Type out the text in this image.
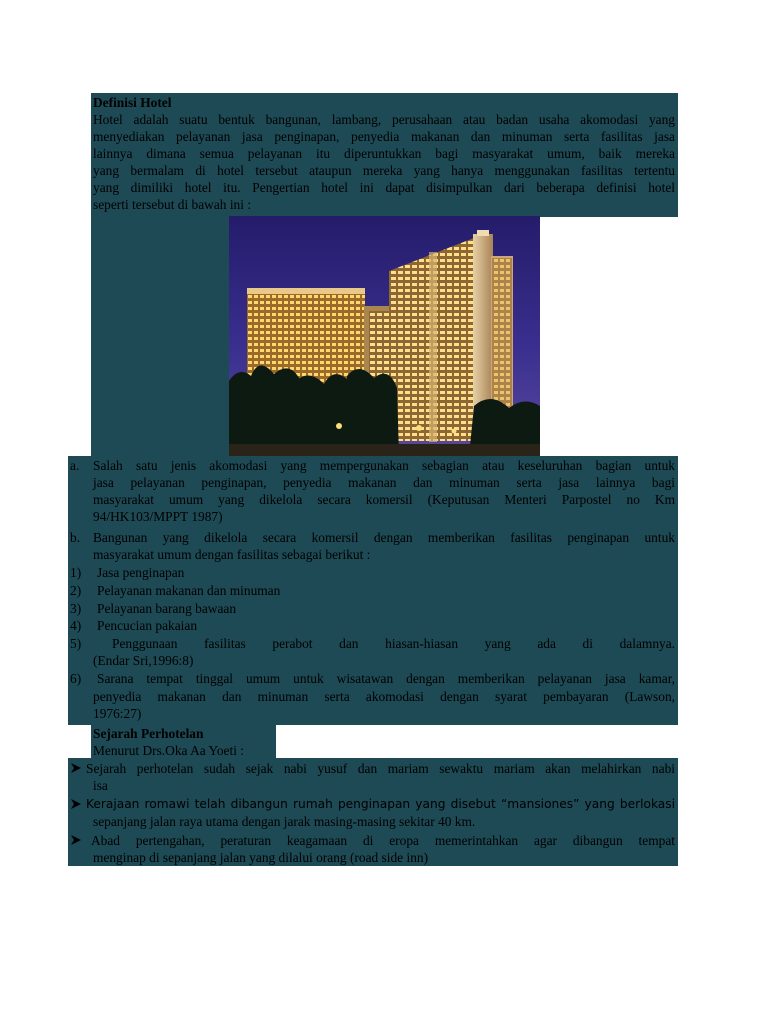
Definisi Hotel
Hotel adalah suatu bentuk bangunan, lambang, perusahaan atau badan usaha akomodasi yang
menyediakan pelayanan jasa penginapan, penyedia makanan dan minuman serta fasilitas jasa
lainnya dimana semua pelayanan itu diperuntukkan bagi masyarakat umum, baik mereka
yang bermalam di hotel tersebut ataupun mereka yang hanya menggunakan fasilitas tertentu
yang dimiliki hotel itu. Pengertian hotel ini dapat disimpulkan dari beberapa definisi hotel
seperti tersebut di bawah ini :
a. Salah satu jenis akomodasi yang mempergunakan sebagian atau keseluruhan bagian untuk
jasa pelayanan penginapan, penyedia makanan dan minuman serta jasa lainnya bagi
masyarakat umum yang dikelola secara komersil (Keputusan Menteri Parpostel no Km
94/HK103/MPPT 1987)
b. Bangunan yang dikelola secara komersil dengan memberikan fasilitas penginapan untuk
masyarakat umum dengan fasilitas sebagai berikut :
1) Jasa penginapan
2) Pelayanan makanan dan minuman
3) Pelayanan barang bawaan
4) Pencucian pakaian
5) Penggunaan fasilitas perabot dan hiasan-hiasan yang ada di dalamnya.
(Endar Sri,1996:8)
6) Sarana tempat tinggal umum untuk wisatawan dengan memberikan pelayanan jasa kamar,
penyedia makanan dan minuman serta akomodasi dengan syarat pembayaran (Lawson,
1976:27)
Sejarah Perhotelan
Menurut Drs.Oka Aa Yoeti :
Sejarah perhotelan sudah sejak nabi yusuf dan mariam sewaktu mariam akan melahirkan nabi
isa
Kerajaan romawi telah dibangun rumah penginapan yang disebut “mansiones” yang berlokasi
sepanjang jalan raya utama dengan jarak masing-masing sekitar 40 km.
Abad pertengahan, peraturan keagamaan di eropa memerintahkan agar dibangun tempat
menginap di sepanjang jalan yang dilalui orang (road side inn)
